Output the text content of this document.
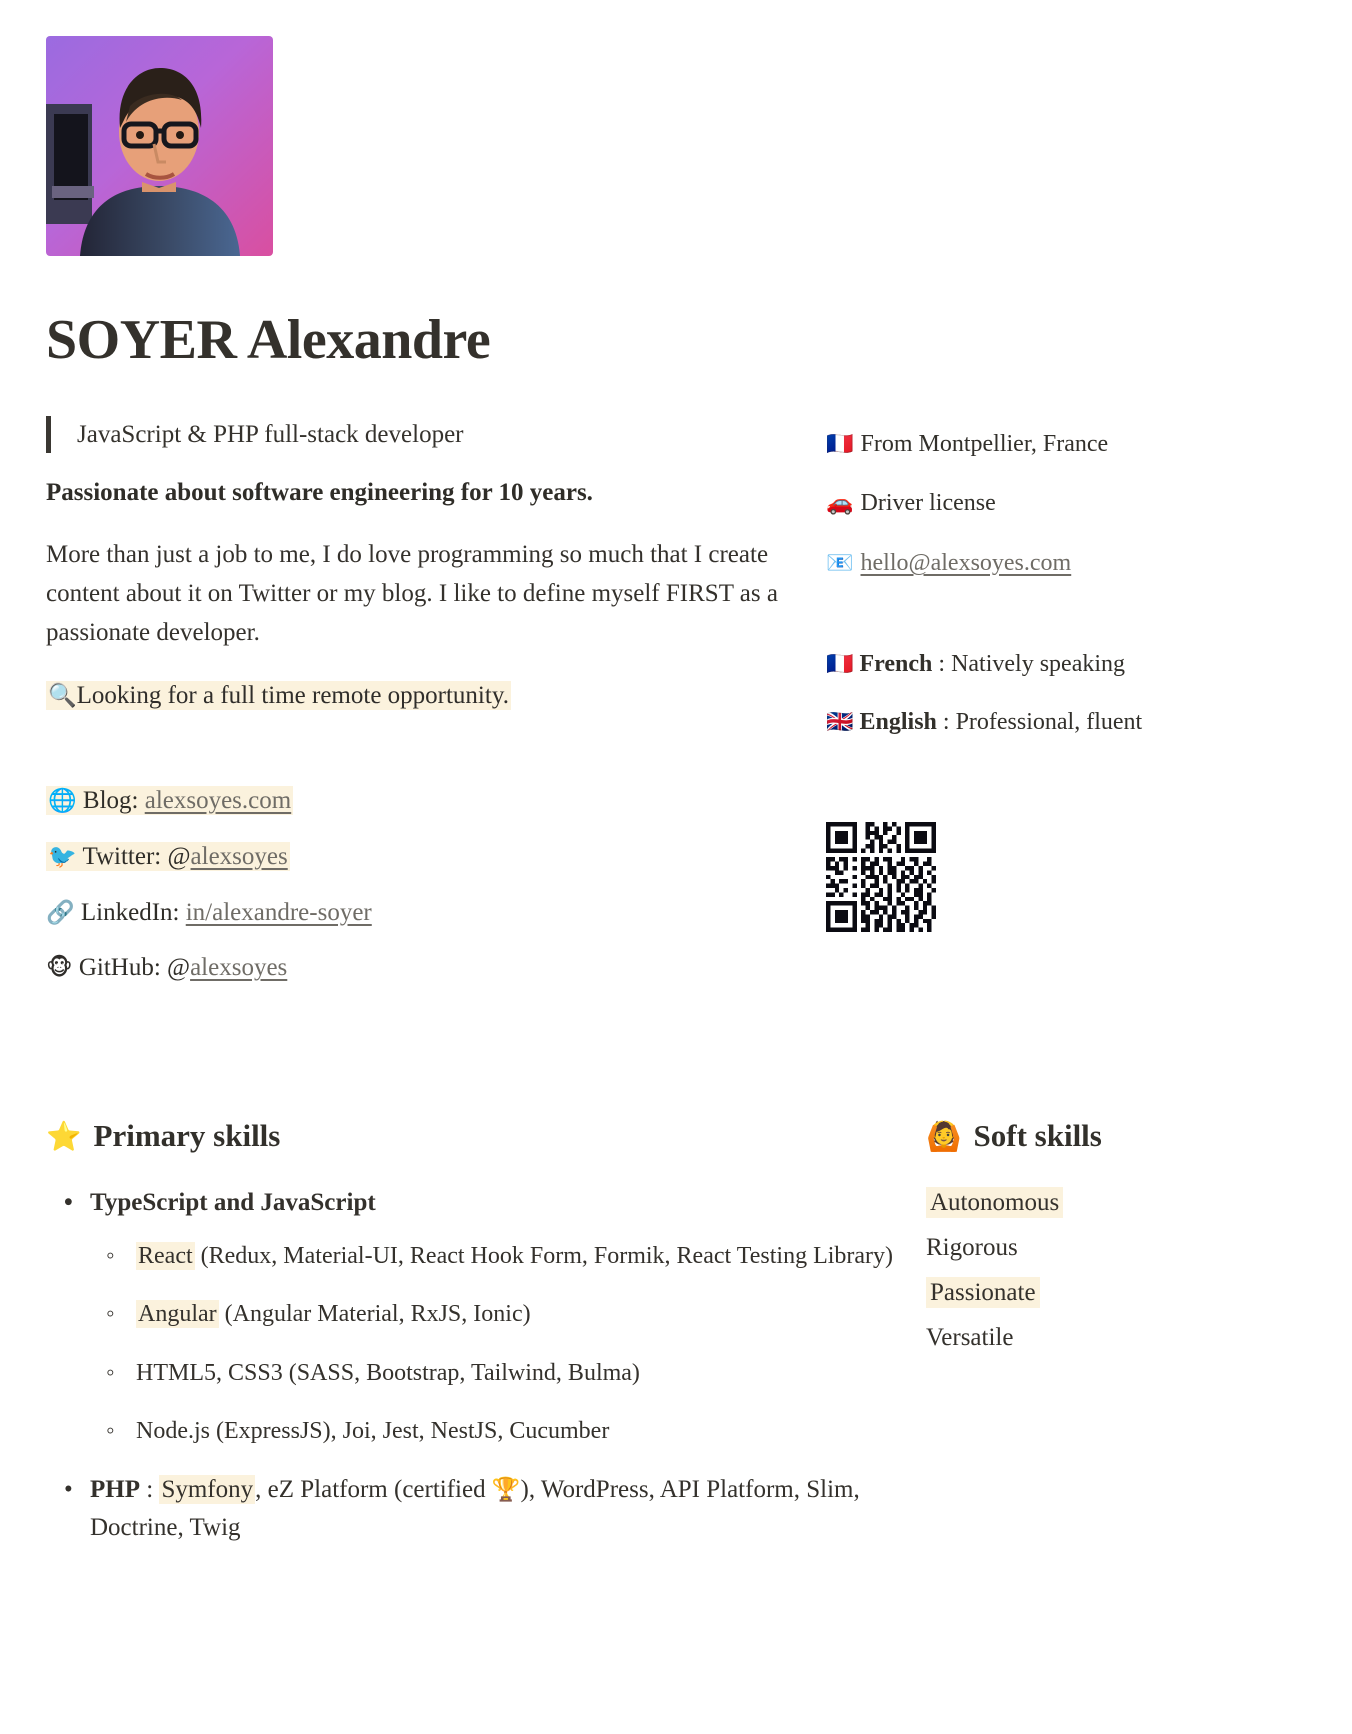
SOYER Alexandre
JavaScript & PHP full-stack developer
Passionate about software engineering for 10 years.

More than just a job to me, I do love programming so much that I create content about it on Twitter or my blog. I like to define myself FIRST as a passionate developer.

🔍Looking for a full time remote opportunity.
🌐 Blog: alexsoyes.com
🐦 Twitter: @alexsoyes
🔗 LinkedIn: in/alexandre-soyer
🐵 GitHub: @alexsoyes
🇫🇷 From Montpellier, France
🚗 Driver license
📧 hello@alexsoyes.com
🇫🇷 French : Natively speaking
🇬🇧 English : Professional, fluent
⭐ Primary skills
• TypeScript and JavaScript
◦ React (Redux, Material-UI, React Hook Form, Formik, React Testing Library)
◦ Angular (Angular Material, RxJS, Ionic)
◦ HTML5, CSS3 (SASS, Bootstrap, Tailwind, Bulma)
◦ Node.js (ExpressJS), Joi, Jest, NestJS, Cucumber
• PHP : Symfony, eZ Platform (certified 🏆), WordPress, API Platform, Slim, Doctrine, Twig
🙆 Soft skills
Autonomous
Rigorous
Passionate
Versatile
